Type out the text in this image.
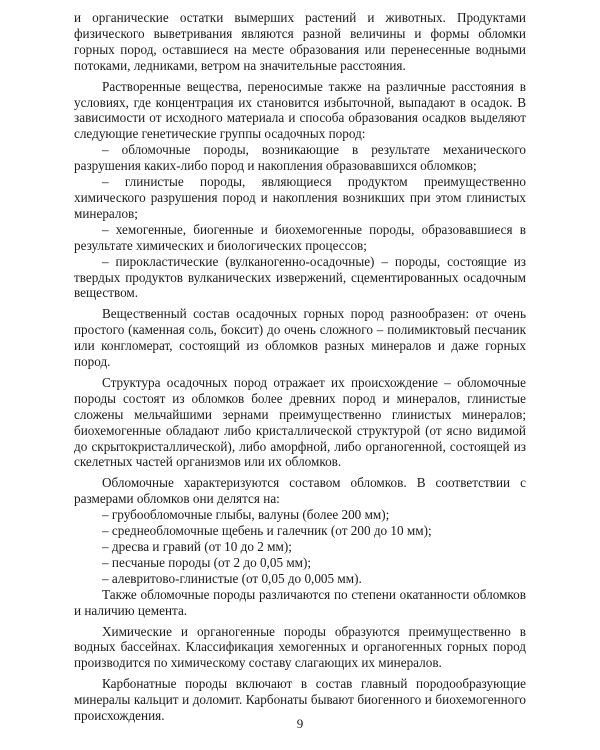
и органические остатки вымерших растений и животных. Продуктами физического выветривания являются разной величины и формы обломки горных пород, оставшиеся на месте образования или перенесенные водными потоками, ледниками, ветром на значительные расстояния.

Растворенные вещества, переносимые также на различные расстояния в условиях, где концентрация их становится избыточной, выпадают в осадок. В зависимости от исходного материала и способа образования осадков выделяют следующие генетические группы осадочных пород:

– обломочные породы, возникающие в результате механического разрушения каких-либо пород и накопления образовавшихся обломков;

– глинистые породы, являющиеся продуктом преимущественно химического разрушения пород и накопления возникших при этом глинистых минералов;

– хемогенные, биогенные и биохемогенные породы, образовавшиеся в результате химических и биологических процессов;

– пирокластические (вулканогенно-осадочные) – породы, состоящие из твердых продуктов вулканических извержений, сцементированных осадочным веществом.

Вещественный состав осадочных горных пород разнообразен: от очень простого (каменная соль, боксит) до очень сложного – полимиктовый песчаник или конгломерат, состоящий из обломков разных минералов и даже горных пород.

Структура осадочных пород отражает их происхождение – обломочные породы состоят из обломков более древних пород и минералов, глинистые сложены мельчайшими зернами преимущественно глинистых минералов; биохемогенные обладают либо кристаллической структурой (от ясно видимой до скрытокристаллической), либо аморфной, либо органогенной, состоящей из скелетных частей организмов или их обломков.

Обломочные характеризуются составом обломков. В соответствии с размерами обломков они делятся на:

– грубообломочные глыбы, валуны (более 200 мм);

– среднеобломочные щебень и галечник (от 200 до 10 мм);

– дресва и гравий (от 10 до 2 мм);

– песчаные породы (от 2 до 0,05 мм);

– алевритово-глинистые (от 0,05 до 0,005 мм).

Также обломочные породы различаются по степени окатанности обломков и наличию цемента.

Химические и органогенные породы образуются преимущественно в водных бассейнах. Классификация хемогенных и органогенных горных пород производится по химическому составу слагающих их минералов.

Карбонатные породы включают в состав главный породообразующие минералы кальцит и доломит. Карбонаты бывают биогенного и биохемогенного происхождения.

9
